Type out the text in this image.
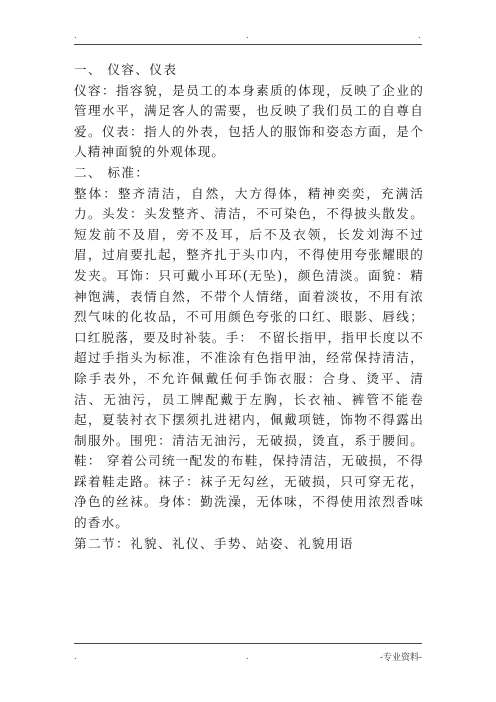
.	.	.

一、 仪容、仪表

仪容：指容貌，是员工的本身素质的体现，反映了企业的管理水平，满足客人的需要，也反映了我们员工的自尊自爱。仪表：指人的外表，包括人的服饰和姿态方面，是个人精神面貌的外观体现。

二、 标准：

整体：整齐清洁，自然，大方得体，精神奕奕，充满活力。头发：头发整齐、清洁，不可染色，不得披头散发。短发前不及眉，旁不及耳，后不及衣领，长发刘海不过眉，过肩要扎起，整齐扎于头巾内，不得使用夸张耀眼的发夹。耳饰：只可戴小耳环(无坠)，颜色清淡。面貌：精神饱满，表情自然，不带个人情绪，面着淡妆，不用有浓烈气味的化妆品，不可用颜色夸张的口红、眼影、唇线；口红脱落，要及时补装。手： 不留长指甲，指甲长度以不超过手指头为标准，不准涂有色指甲油，经常保持清洁，除手表外，不允许佩戴任何手饰衣服：合身、烫平、清洁、无油污，员工牌配戴于左胸，长衣袖、裤管不能卷起，夏装衬衣下摆须扎进裙内，佩戴项链，饰物不得露出制服外。围兜：清洁无油污，无破损，烫直，系于腰间。鞋： 穿着公司统一配发的布鞋，保持清洁，无破损，不得踩着鞋走路。袜子：袜子无勾丝，无破损，只可穿无花，净色的丝袜。身体：勤洗澡，无体味，不得使用浓烈香味的香水。

第二节：礼貌、礼仪、手势、站姿、礼貌用语

.	.	-专业资料-
